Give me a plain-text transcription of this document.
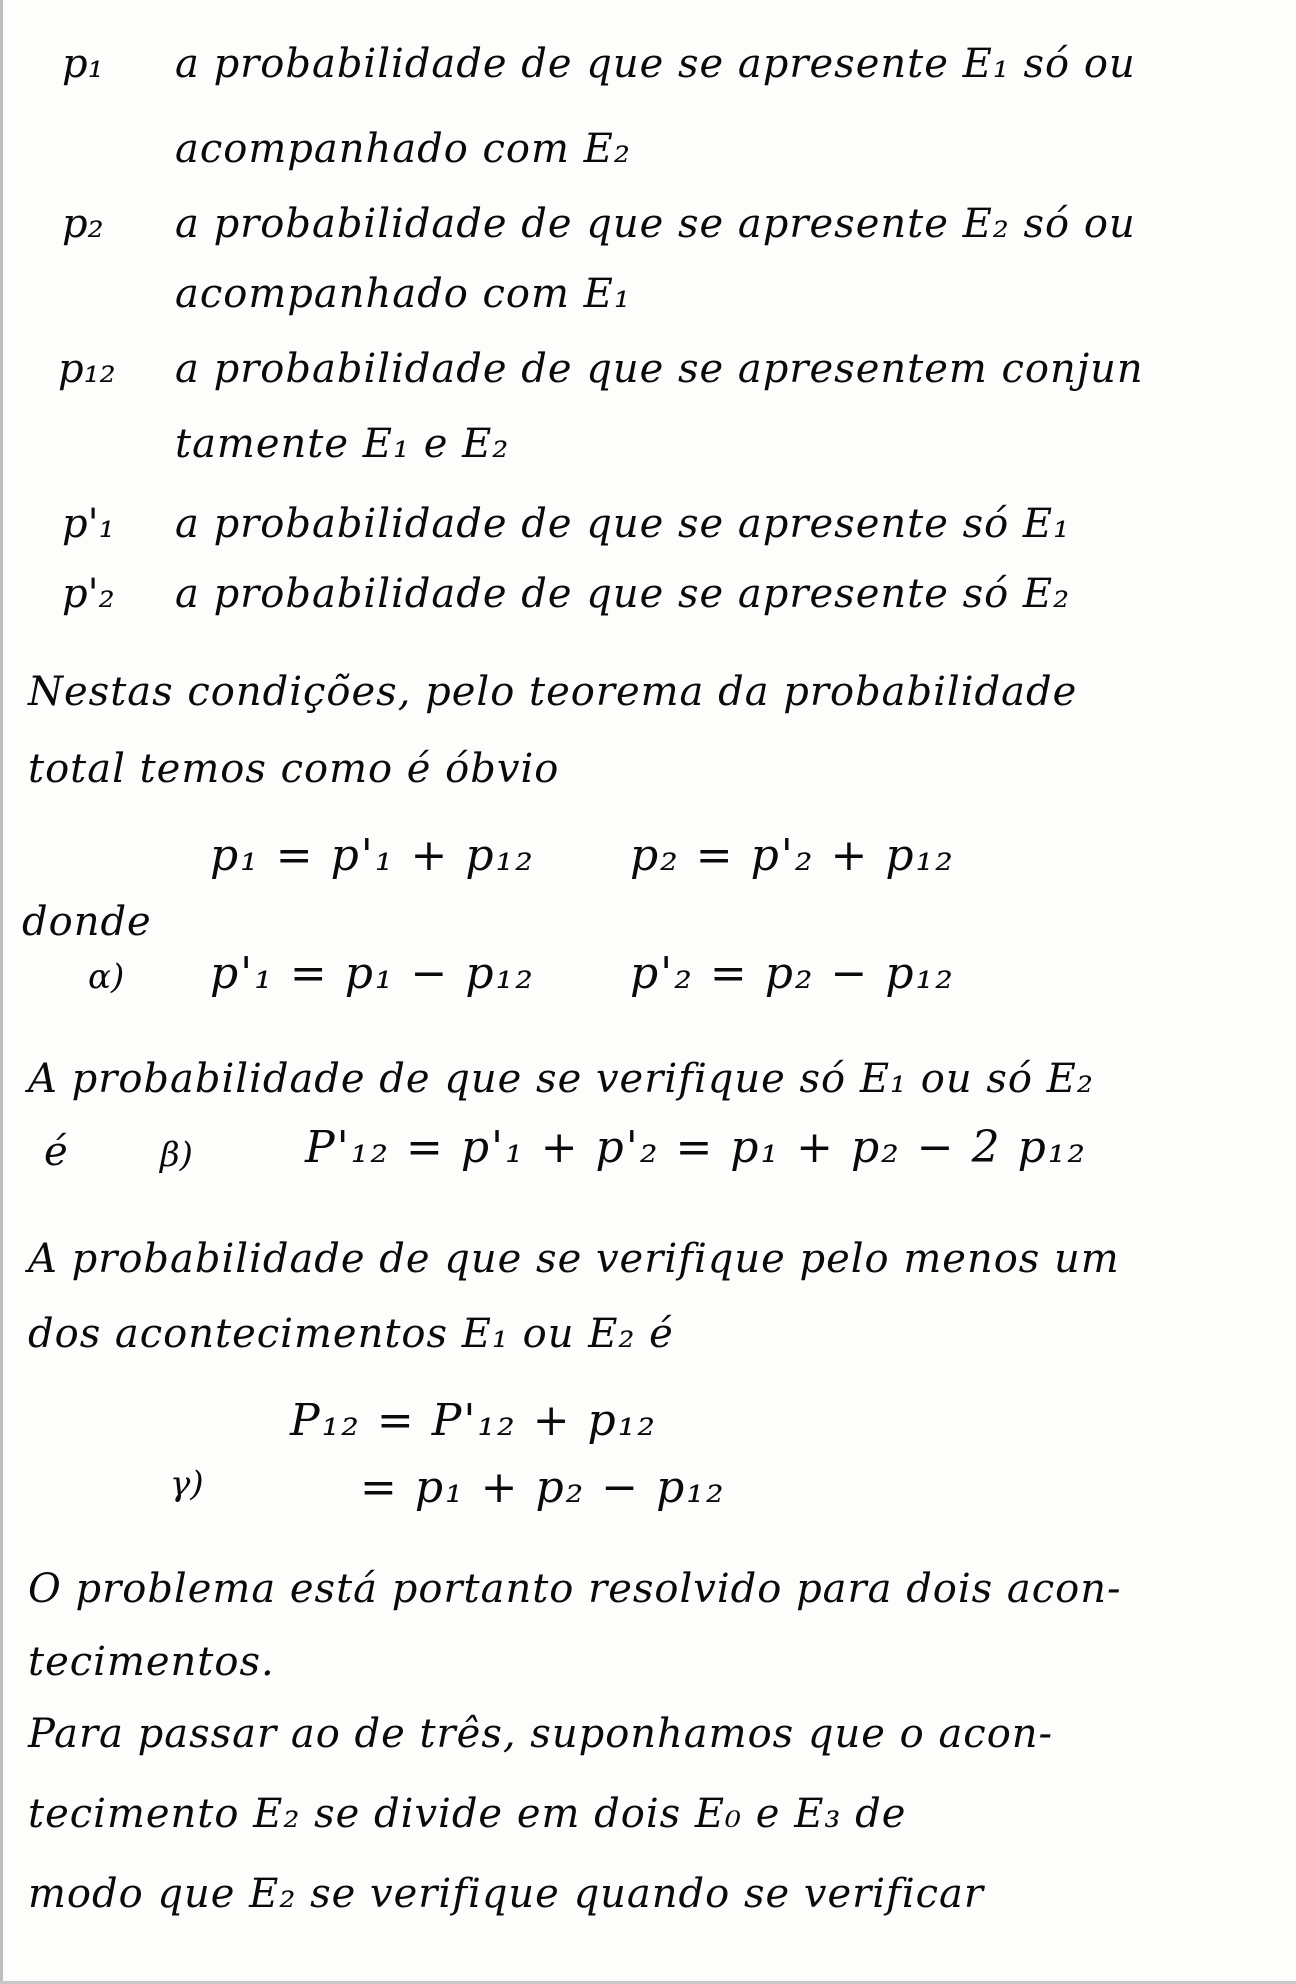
p₁ a probabilidade de que se apresente E₁ só ou
acompanhado com E₂
p₂ a probabilidade de que se apresente E₂ só ou
acompanhado com E₁
p₁₂ a probabilidade de que se apresentem conjun
tamente E₁ e E₂
p'₁ a probabilidade de que se apresente só E₁
p'₂ a probabilidade de que se apresente só E₂
Nestas condições, pelo teorema da probabilidade
total temos como é óbvio
p₁ = p'₁ + p₁₂ p₂ = p'₂ + p₁₂
donde
α) p'₁ = p₁ − p₁₂ p'₂ = p₂ − p₁₂
A probabilidade de que se verifique só E₁ ou só E₂
é	β)	P'₁₂ = p'₁ + p'₂ = p₁ + p₂ − 2 p₁₂
A probabilidade de que se verifique pelo menos um
dos acontecimentos E₁ ou E₂ é
P₁₂ = P'₁₂ + p₁₂
γ)	= p₁ + p₂ − p₁₂
O problema está portanto resolvido para dois acon-
tecimentos.
Para passar ao de três, suponhamos que o acon-
tecimento E₂ se divide em dois E₀ e E₃ de
modo que E₂ se verifique quando se verificar
